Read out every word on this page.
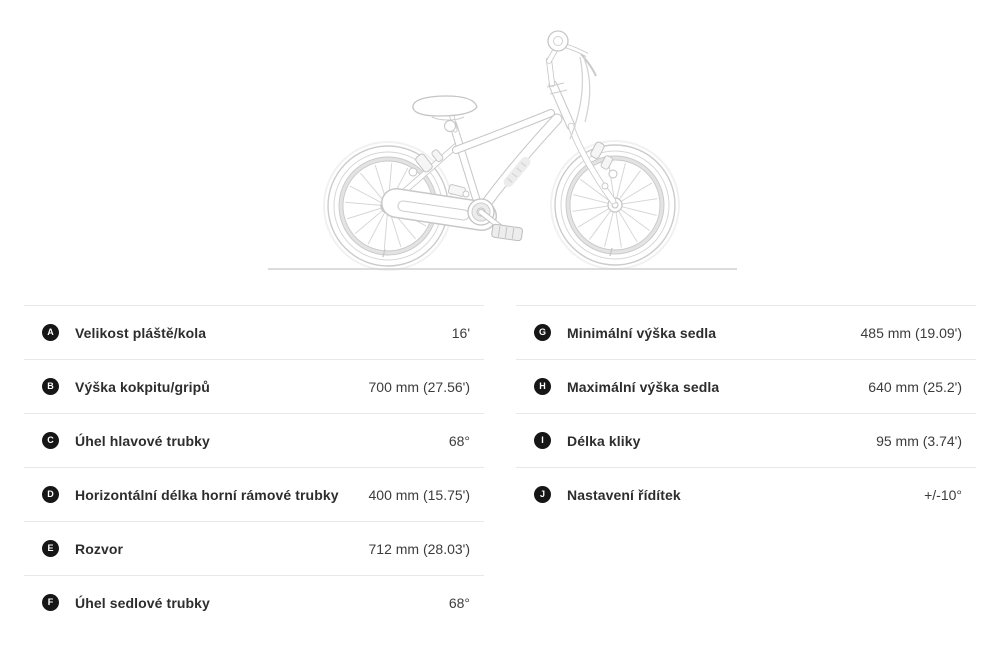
A	Velikost pláště/kola	16'
B	Výška kokpitu/gripů	700 mm (27.56')
C	Úhel hlavové trubky	68°
D	Horizontální délka horní rámové trubky	400 mm (15.75')
E	Rozvor	712 mm (28.03')
F	Úhel sedlové trubky	68°
G	Minimální výška sedla	485 mm (19.09')
H	Maximální výška sedla	640 mm (25.2')
I	Délka kliky	95 mm (3.74')
J	Nastavení řídítek	+/-10°
